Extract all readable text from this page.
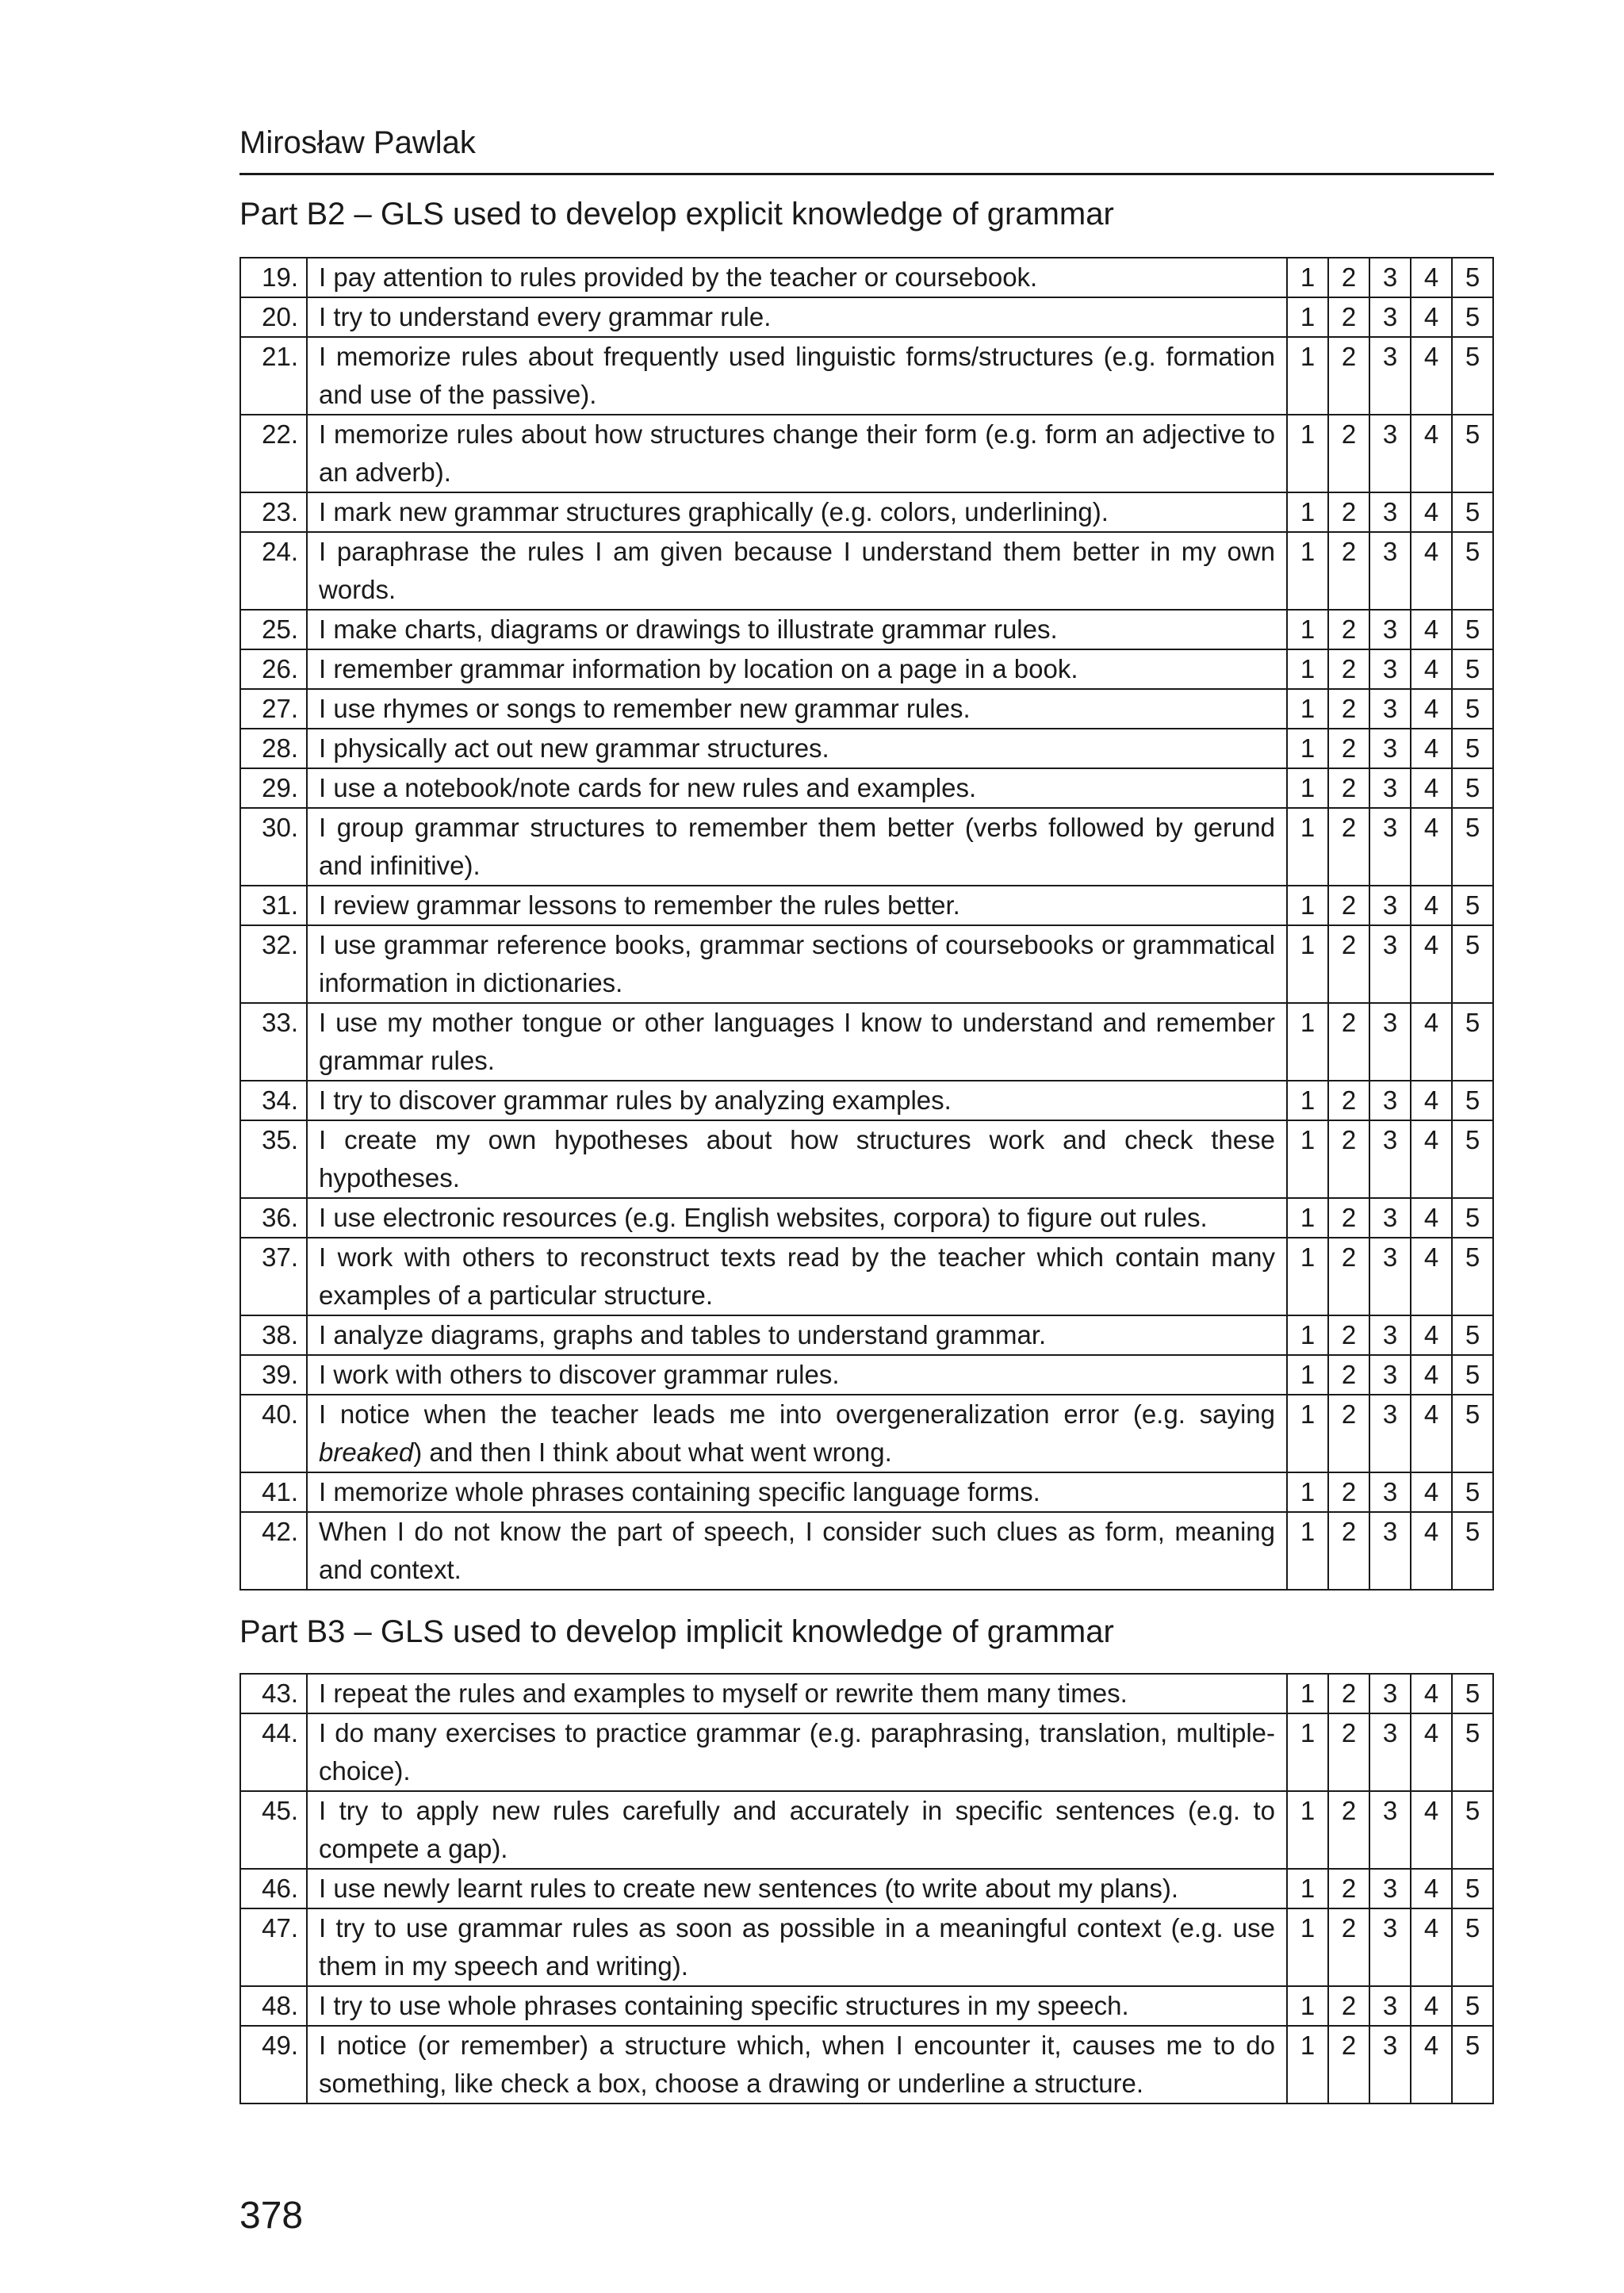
Mirosław Pawlak
Part B2 – GLS used to develop explicit knowledge of grammar
19.	I pay attention to rules provided by the teacher or coursebook.	1	2	3	4	5
20.	I try to understand every grammar rule.	1	2	3	4	5
21.	I memorize rules about frequently used linguistic forms/structures (e.g. formation and use of the passive).	1	2	3	4	5
22.	I memorize rules about how structures change their form (e.g. form an adjective to an adverb).	1	2	3	4	5
23.	I mark new grammar structures graphically (e.g. colors, underlining).	1	2	3	4	5
24.	I paraphrase the rules I am given because I understand them better in my own words.	1	2	3	4	5
25.	I make charts, diagrams or drawings to illustrate grammar rules.	1	2	3	4	5
26.	I remember grammar information by location on a page in a book.	1	2	3	4	5
27.	I use rhymes or songs to remember new grammar rules.	1	2	3	4	5
28.	I physically act out new grammar structures.	1	2	3	4	5
29.	I use a notebook/note cards for new rules and examples.	1	2	3	4	5
30.	I group grammar structures to remember them better (verbs followed by gerund and infinitive).	1	2	3	4	5
31.	I review grammar lessons to remember the rules better.	1	2	3	4	5
32.	I use grammar reference books, grammar sections of coursebooks or grammatical information in dictionaries.	1	2	3	4	5
33.	I use my mother tongue or other languages I know to understand and remember grammar rules.	1	2	3	4	5
34.	I try to discover grammar rules by analyzing examples.	1	2	3	4	5
35.	I create my own hypotheses about how structures work and check these hypotheses.	1	2	3	4	5
36.	I use electronic resources (e.g. English websites, corpora) to figure out rules.	1	2	3	4	5
37.	I work with others to reconstruct texts read by the teacher which contain many examples of a particular structure.	1	2	3	4	5
38.	I analyze diagrams, graphs and tables to understand grammar.	1	2	3	4	5
39.	I work with others to discover grammar rules.	1	2	3	4	5
40.	I notice when the teacher leads me into overgeneralization error (e.g. saying breaked) and then I think about what went wrong.	1	2	3	4	5
41.	I memorize whole phrases containing specific language forms.	1	2	3	4	5
42.	When I do not know the part of speech, I consider such clues as form, meaning and context.	1	2	3	4	5
Part B3 – GLS used to develop implicit knowledge of grammar
43.	I repeat the rules and examples to myself or rewrite them many times.	1	2	3	4	5
44.	I do many exercises to practice grammar (e.g. paraphrasing, translation, multiple-choice).	1	2	3	4	5
45.	I try to apply new rules carefully and accurately in specific sentences (e.g. to compete a gap).	1	2	3	4	5
46.	I use newly learnt rules to create new sentences (to write about my plans).	1	2	3	4	5
47.	I try to use grammar rules as soon as possible in a meaningful context (e.g. use them in my speech and writing).	1	2	3	4	5
48.	I try to use whole phrases containing specific structures in my speech.	1	2	3	4	5
49.	I notice (or remember) a structure which, when I encounter it, causes me to do something, like check a box, choose a drawing or underline a structure.	1	2	3	4	5
378
